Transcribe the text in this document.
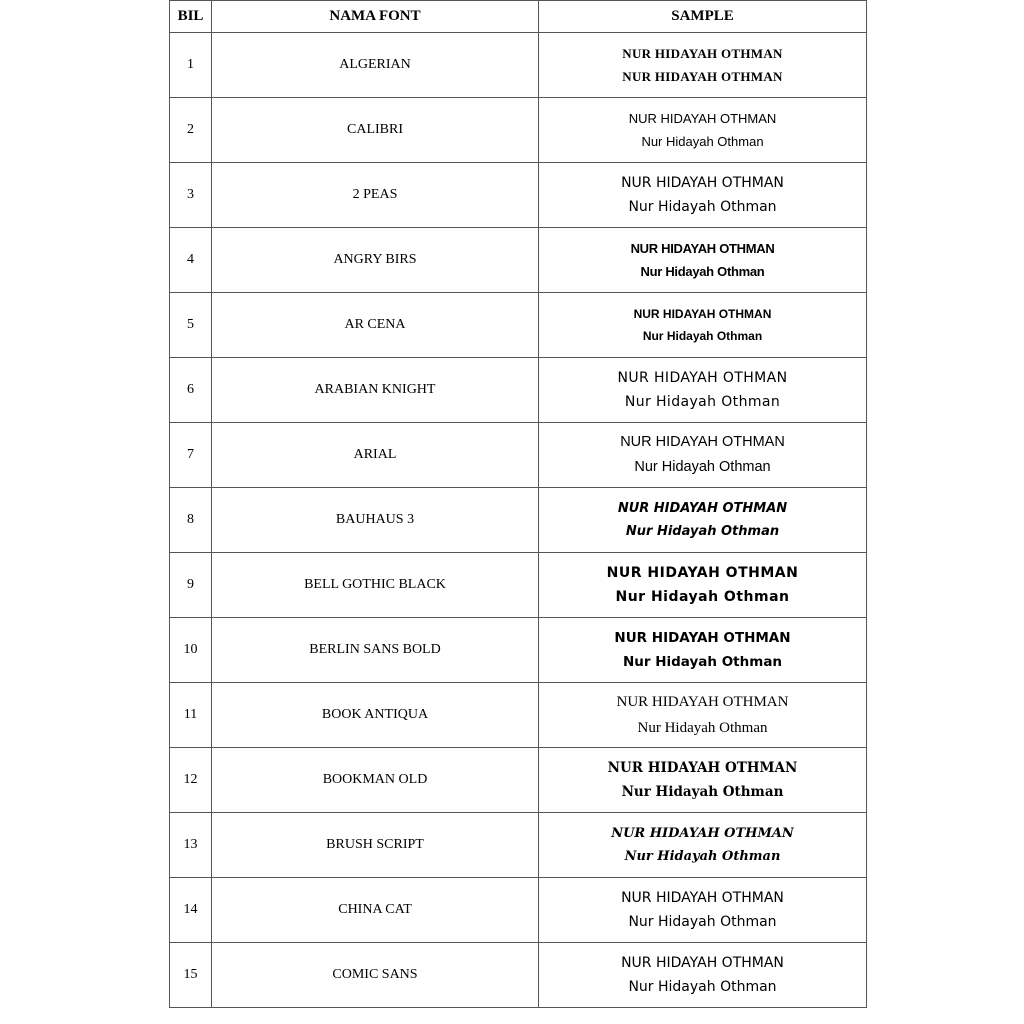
BIL	NAMA FONT	SAMPLE
1	ALGERIAN	NUR HIDAYAH OTHMAN
NUR HIDAYAH OTHMAN

2	CALIBRI	NUR HIDAYAH OTHMAN
Nur Hidayah Othman

3	2 PEAS	NUR HIDAYAH OTHMAN
Nur Hidayah Othman

4	ANGRY BIRS	NUR HIDAYAH OTHMAN
Nur Hidayah Othman

5	AR CENA	NUR HIDAYAH OTHMAN
Nur Hidayah Othman

6	ARABIAN KNIGHT	NUR HIDAYAH OTHMAN
Nur Hidayah Othman

7	ARIAL	NUR HIDAYAH OTHMAN
Nur Hidayah Othman

8	BAUHAUS 3	NUR HIDAYAH OTHMAN
Nur Hidayah Othman

9	BELL GOTHIC BLACK	NUR HIDAYAH OTHMAN
Nur Hidayah Othman

10	BERLIN SANS BOLD	NUR HIDAYAH OTHMAN
Nur Hidayah Othman

11	BOOK ANTIQUA	NUR HIDAYAH OTHMAN
Nur Hidayah Othman

12	BOOKMAN OLD	NUR HIDAYAH OTHMAN
Nur Hidayah Othman

13	BRUSH SCRIPT	NUR HIDAYAH OTHMAN
Nur Hidayah Othman

14	CHINA CAT	NUR HIDAYAH OTHMAN
Nur Hidayah Othman

15	COMIC SANS	NUR HIDAYAH OTHMAN
Nur Hidayah Othman
